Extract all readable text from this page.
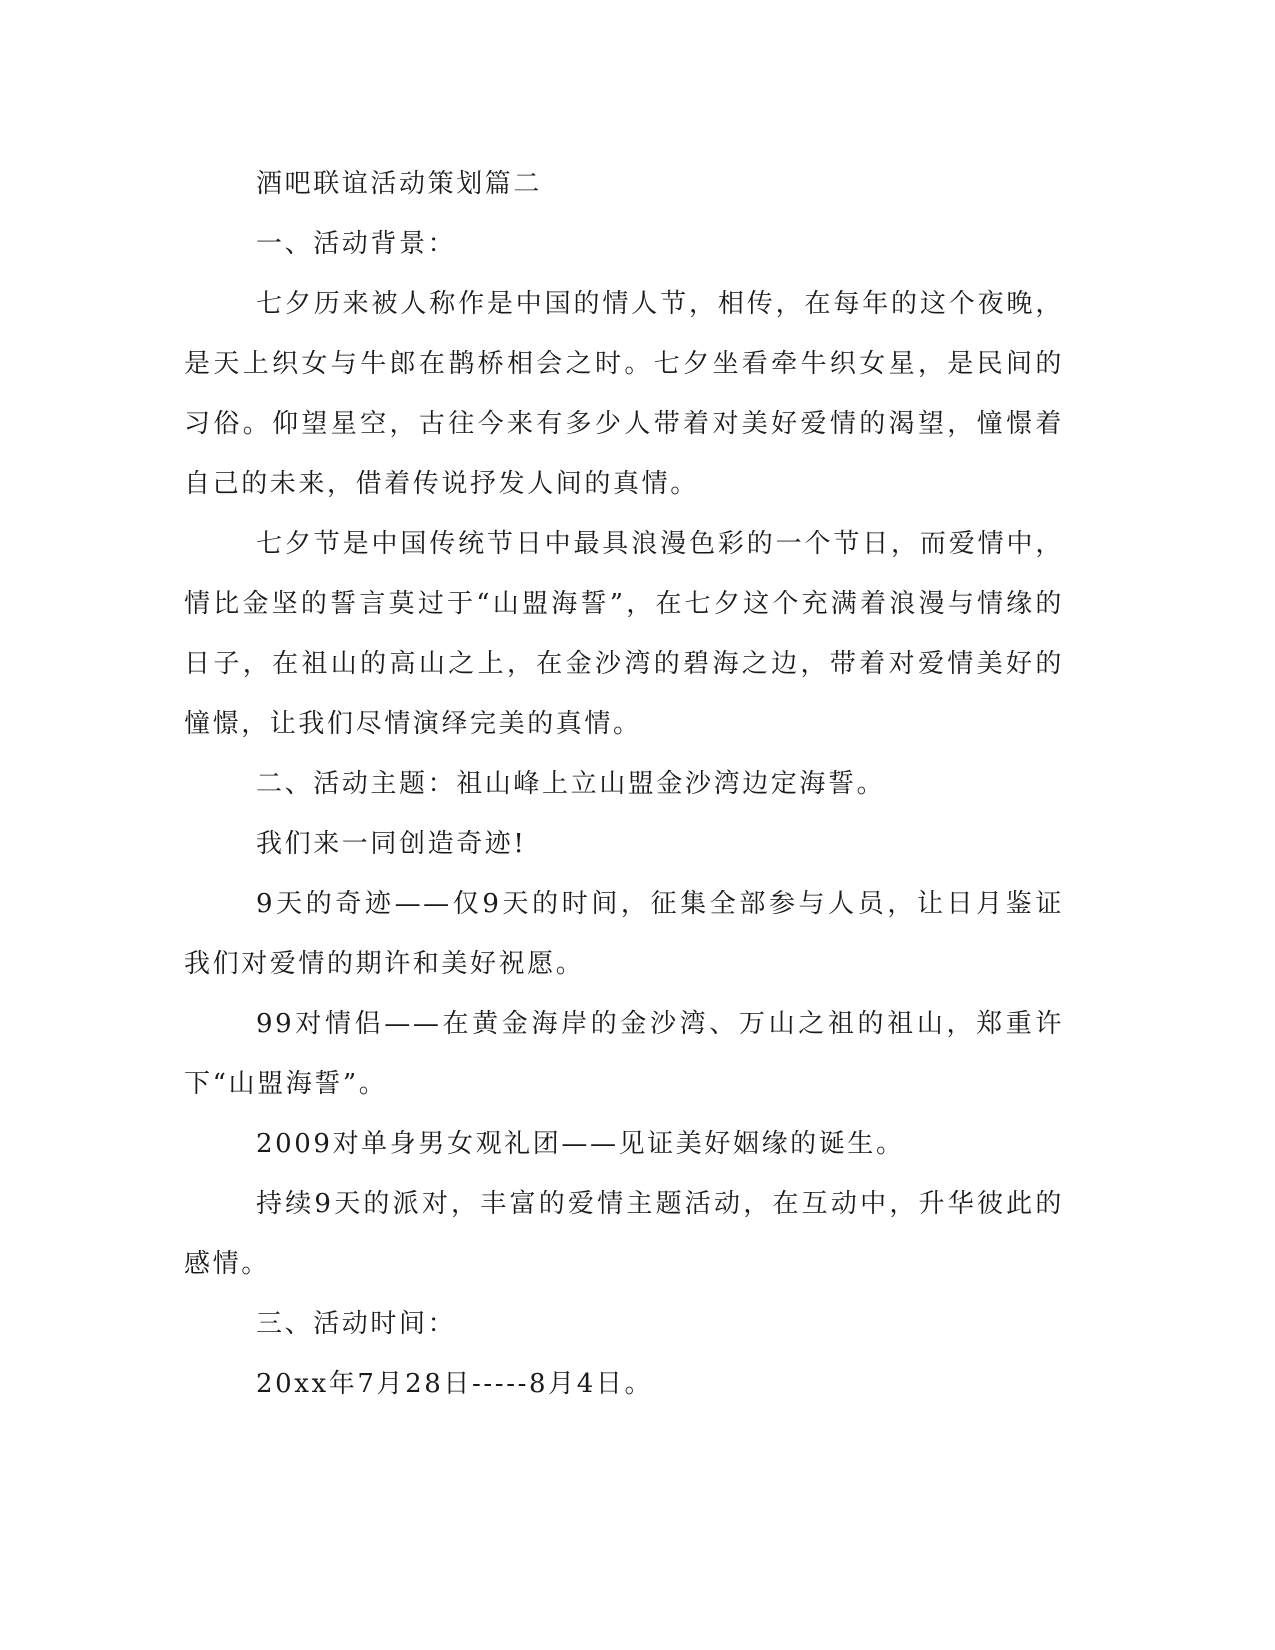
酒吧联谊活动策划篇二

一、活动背景：

七夕历来被人称作是中国的情人节，相传，在每年的这个夜晚，是天上织女与牛郎在鹊桥相会之时。七夕坐看牵牛织女星，是民间的习俗。仰望星空，古往今来有多少人带着对美好爱情的渴望，憧憬着自己的未来，借着传说抒发人间的真情。

七夕节是中国传统节日中最具浪漫色彩的一个节日，而爱情中，情比金坚的誓言莫过于“山盟海誓”，在七夕这个充满着浪漫与情缘的日子，在祖山的高山之上，在金沙湾的碧海之边，带着对爱情美好的憧憬，让我们尽情演绎完美的真情。

二、活动主题：祖山峰上立山盟金沙湾边定海誓。

我们来一同创造奇迹!

9天的奇迹——仅9天的时间，征集全部参与人员，让日月鉴证我们对爱情的期许和美好祝愿。

99对情侣——在黄金海岸的金沙湾、万山之祖的祖山，郑重许下“山盟海誓”。

2009对单身男女观礼团——见证美好姻缘的诞生。

持续9天的派对，丰富的爱情主题活动，在互动中，升华彼此的感情。

三、活动时间：

20xx年7月28日-----8月4日。
